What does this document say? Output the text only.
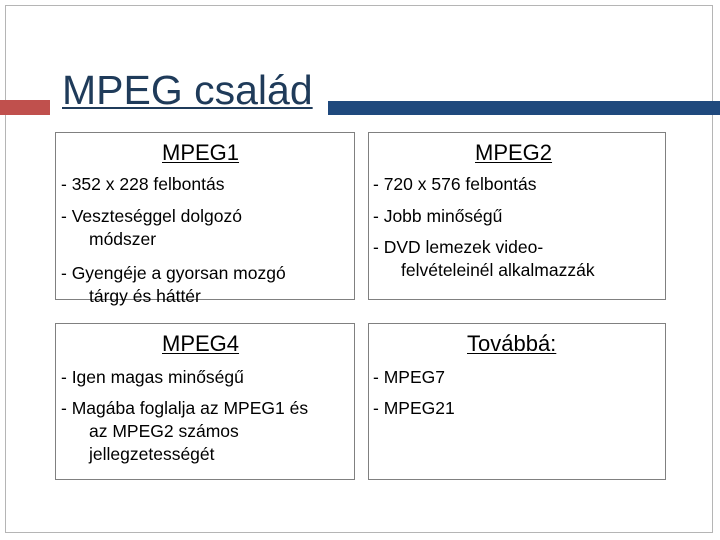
MPEG család
MPEG1
- 352 x 228 felbontás
- Veszteséggel dolgozó
módszer
- Gyengéje a gyorsan mozgó
tárgy és háttér
MPEG2
- 720 x 576 felbontás
- Jobb minőségű
- DVD lemezek video-
felvételeinél alkalmazzák
MPEG4
- Igen magas minőségű
- Magába foglalja az MPEG1 és
az MPEG2 számos
jellegzetességét
Továbbá:
- MPEG7
- MPEG21
